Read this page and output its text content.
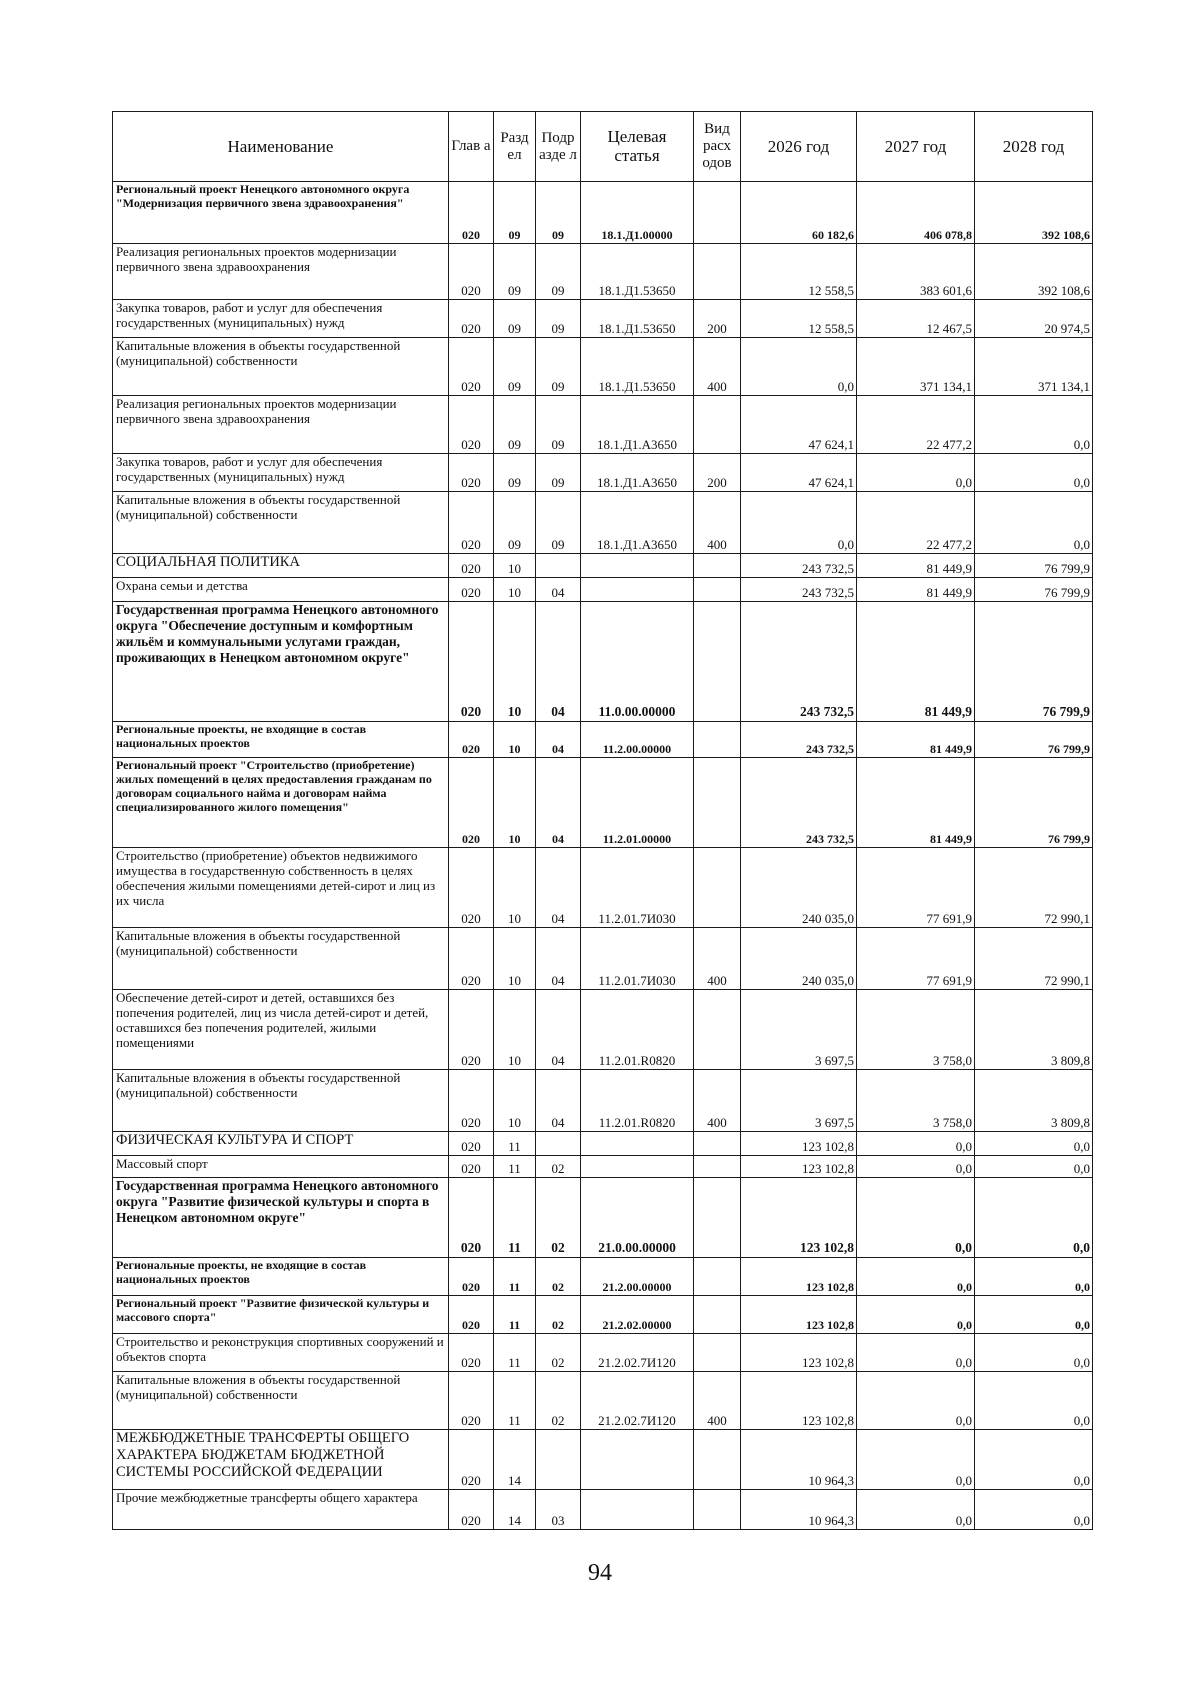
Наименование	Глав а	Разд ел	Подр азде л	Целевая статья	Вид расх одов	2026 год	2027 год	2028 год
Региональный проект Ненецкого автономного округа "Модернизация первичного звена здравоохранения"	020	09	09	18.1.Д1.00000		60 182,6	406 078,8	392 108,6
Реализация региональных проектов модернизации первичного звена здравоохранения	020	09	09	18.1.Д1.53650		12 558,5	383 601,6	392 108,6
Закупка товаров, работ и услуг для обеспечения государственных (муниципальных) нужд	020	09	09	18.1.Д1.53650	200	12 558,5	12 467,5	20 974,5
Капитальные вложения в объекты государственной (муниципальной) собственности	020	09	09	18.1.Д1.53650	400	0,0	371 134,1	371 134,1
Реализация региональных проектов модернизации первичного звена здравоохранения	020	09	09	18.1.Д1.А3650		47 624,1	22 477,2	0,0
Закупка товаров, работ и услуг для обеспечения государственных (муниципальных) нужд	020	09	09	18.1.Д1.А3650	200	47 624,1	0,0	0,0
Капитальные вложения в объекты государственной (муниципальной) собственности	020	09	09	18.1.Д1.А3650	400	0,0	22 477,2	0,0
СОЦИАЛЬНАЯ ПОЛИТИКА	020	10				243 732,5	81 449,9	76 799,9
Охрана семьи и детства	020	10	04			243 732,5	81 449,9	76 799,9
Государственная программа Ненецкого автономного округа "Обеспечение доступным и комфортным жильём и коммунальными услугами граждан, проживающих в Ненецком автономном округе"	020	10	04	11.0.00.00000		243 732,5	81 449,9	76 799,9
Региональные проекты, не входящие в состав национальных проектов	020	10	04	11.2.00.00000		243 732,5	81 449,9	76 799,9
Региональный проект "Строительство (приобретение) жилых помещений в целях предоставления гражданам по договорам социального найма и договорам найма специализированного жилого помещения"	020	10	04	11.2.01.00000		243 732,5	81 449,9	76 799,9
Строительство (приобретение) объектов недвижимого имущества в государственную собственность в целях обеспечения жилыми помещениями детей-сирот и лиц из их числа	020	10	04	11.2.01.7И030		240 035,0	77 691,9	72 990,1
Капитальные вложения в объекты государственной (муниципальной) собственности	020	10	04	11.2.01.7И030	400	240 035,0	77 691,9	72 990,1
Обеспечение детей-сирот и детей, оставшихся без попечения родителей, лиц из числа детей-сирот и детей, оставшихся без попечения родителей, жилыми помещениями	020	10	04	11.2.01.R0820		3 697,5	3 758,0	3 809,8
Капитальные вложения в объекты государственной (муниципальной) собственности	020	10	04	11.2.01.R0820	400	3 697,5	3 758,0	3 809,8
ФИЗИЧЕСКАЯ КУЛЬТУРА И СПОРТ	020	11				123 102,8	0,0	0,0
Массовый спорт	020	11	02			123 102,8	0,0	0,0
Государственная программа Ненецкого автономного округа "Развитие физической культуры и спорта в Ненецком автономном округе"	020	11	02	21.0.00.00000		123 102,8	0,0	0,0
Региональные проекты, не входящие в состав национальных проектов	020	11	02	21.2.00.00000		123 102,8	0,0	0,0
Региональный проект "Развитие физической культуры и массового спорта"	020	11	02	21.2.02.00000		123 102,8	0,0	0,0
Строительство и реконструкция спортивных сооружений и объектов спорта	020	11	02	21.2.02.7И120		123 102,8	0,0	0,0
Капитальные вложения в объекты государственной (муниципальной) собственности	020	11	02	21.2.02.7И120	400	123 102,8	0,0	0,0
МЕЖБЮДЖЕТНЫЕ ТРАНСФЕРТЫ ОБЩЕГО ХАРАКТЕРА БЮДЖЕТАМ БЮДЖЕТНОЙ СИСТЕМЫ РОССИЙСКОЙ ФЕДЕРАЦИИ	020	14				10 964,3	0,0	0,0
Прочие межбюджетные трансферты общего характера	020	14	03			10 964,3	0,0	0,0
94
